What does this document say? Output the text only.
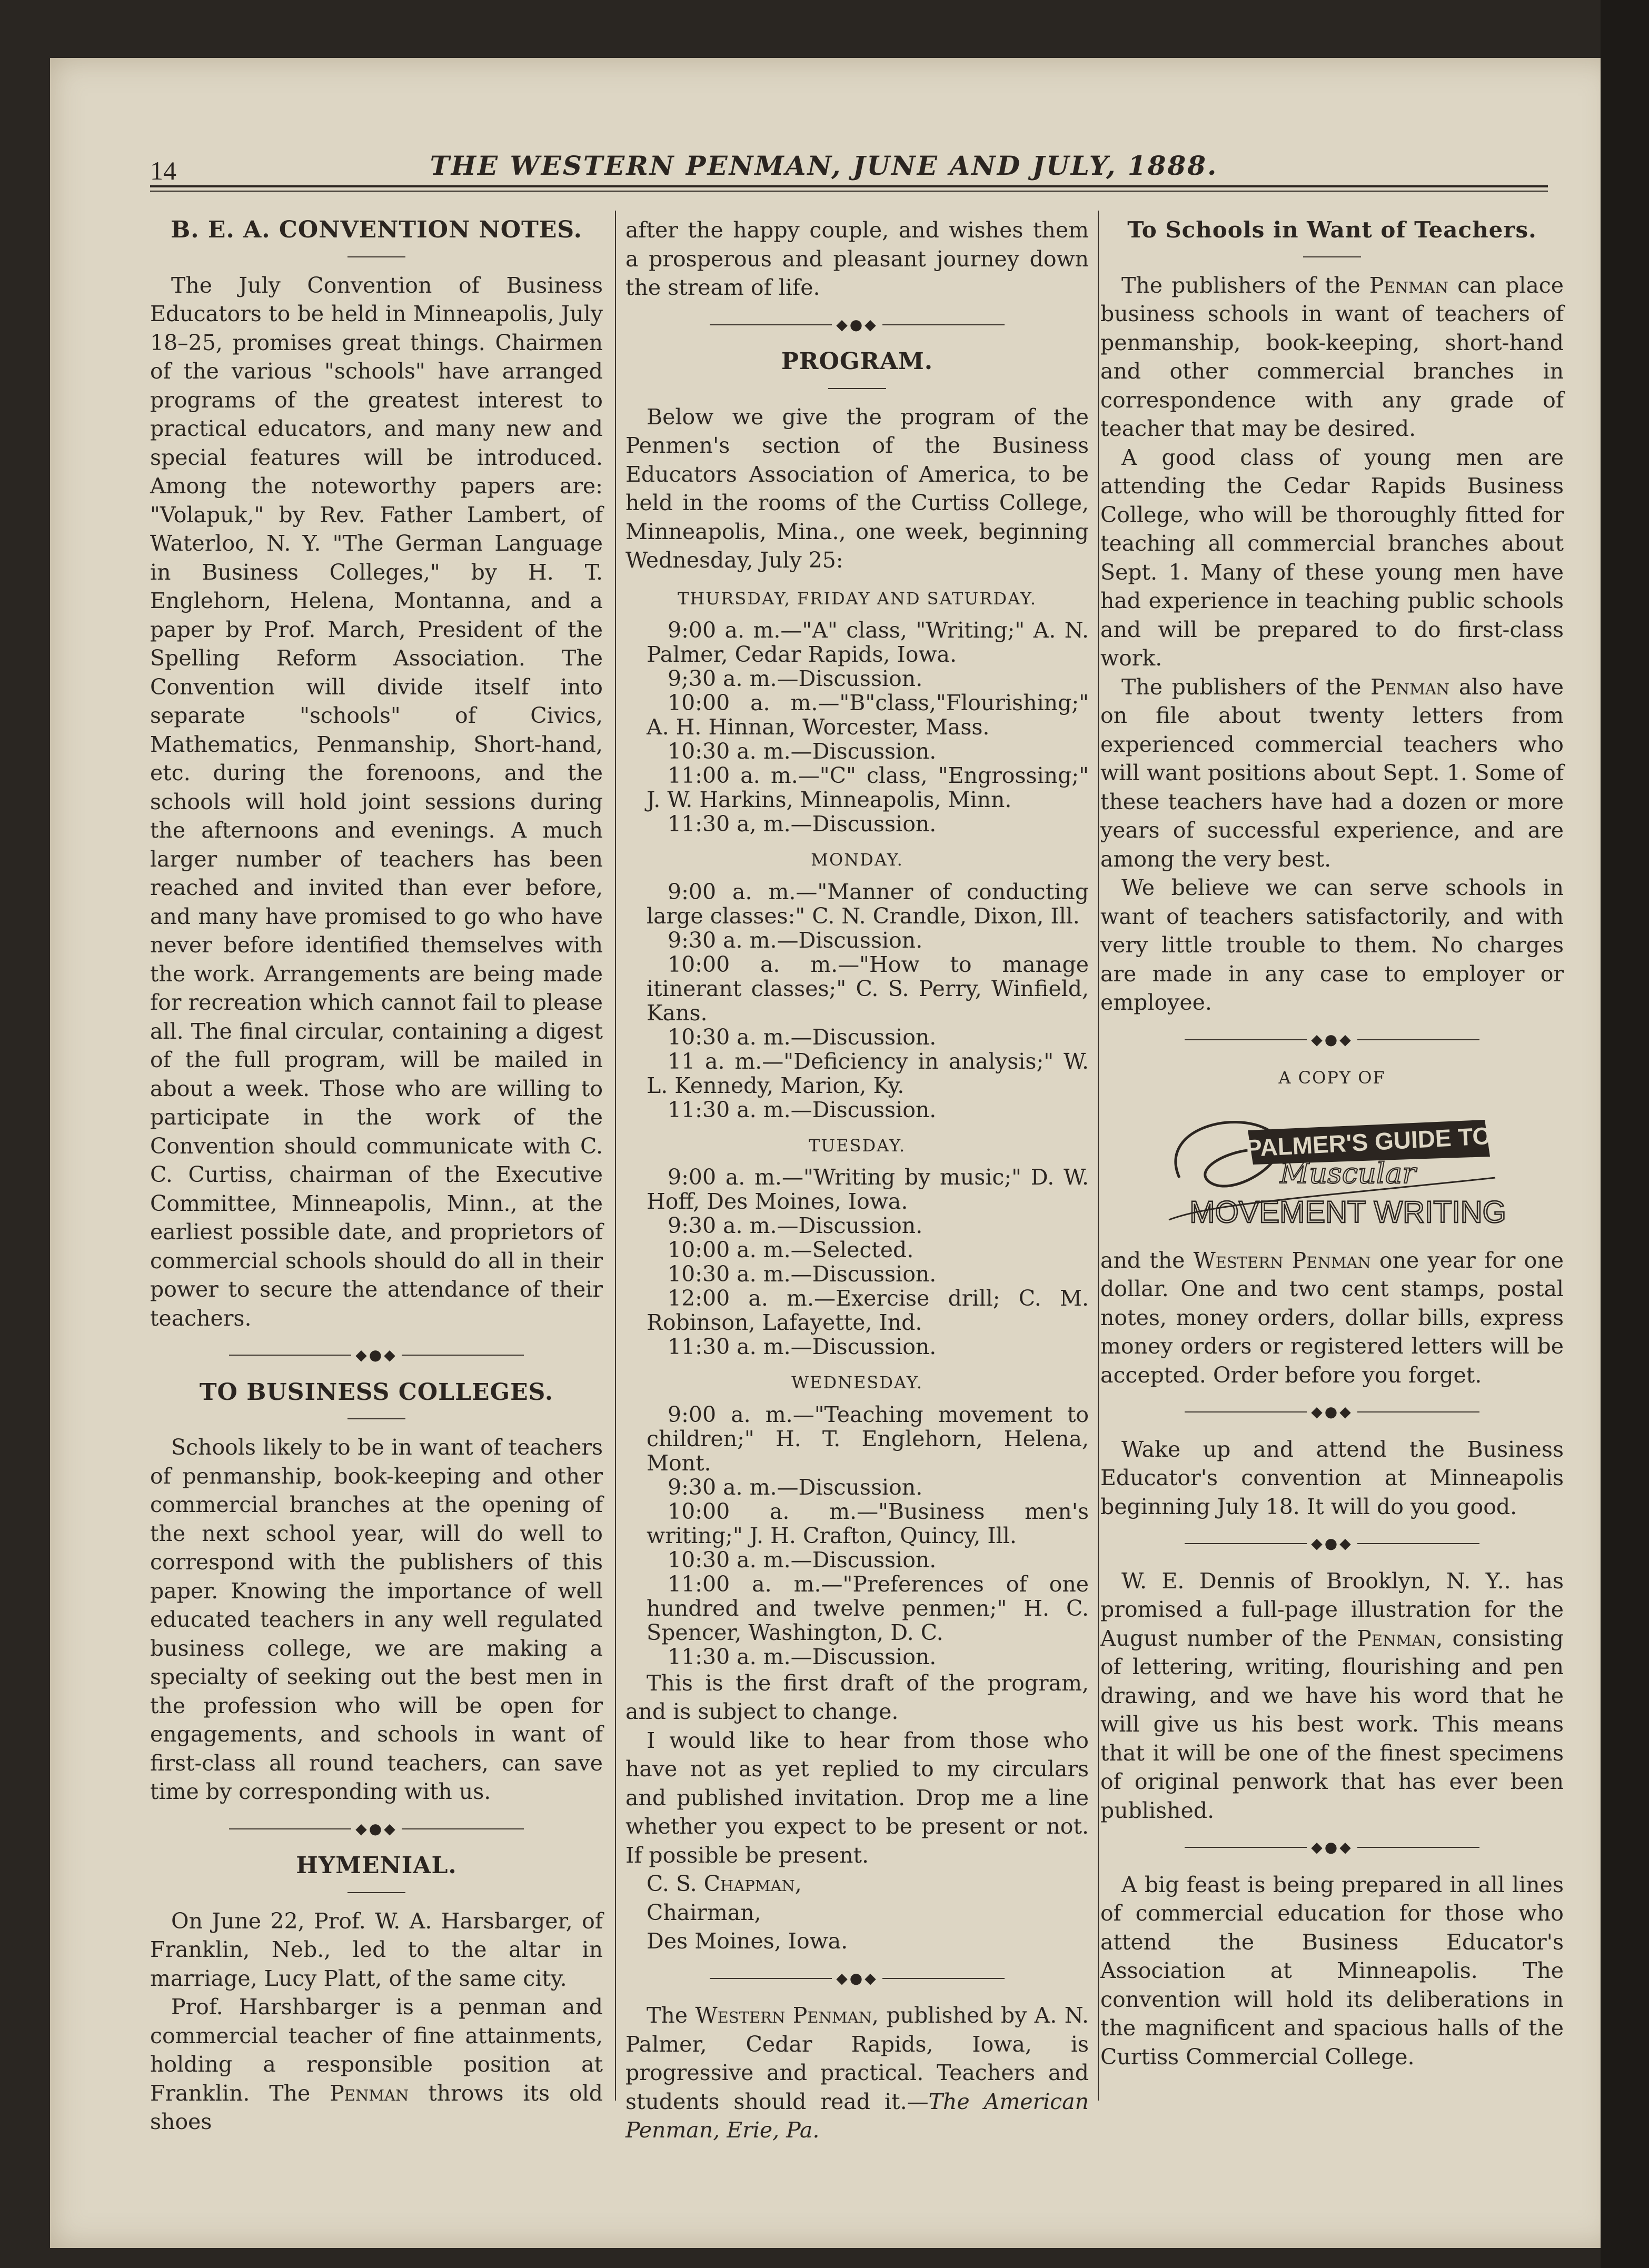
14	THE WESTERN PENMAN, JUNE AND JULY, 1888.
B. E. A. CONVENTION NOTES.

The July Convention of Business Educators to be held in Minneapolis, July 18–25, promises great things. Chairmen of the various "schools" have arranged programs of the greatest interest to practical educators, and many new and special features will be introduced. Among the noteworthy papers are: "Volapuk," by Rev. Father Lambert, of Waterloo, N. Y. "The German Language in Business Colleges," by H. T. Englehorn, Helena, Montanna, and a paper by Prof. March, President of the Spelling Reform Association. The Convention will divide itself into separate "schools" of Civics, Mathematics, Penmanship, Short-hand, etc. during the forenoons, and the schools will hold joint sessions during the afternoons and evenings. A much larger number of teachers has been reached and invited than ever before, and many have promised to go who have never before identified themselves with the work. Arrangements are being made for recreation which cannot fail to please all. The final circular, containing a digest of the full program, will be mailed in about a week. Those who are willing to participate in the work of the Convention should communicate with C. C. Curtiss, chairman of the Executive Committee, Minneapolis, Minn., at the earliest possible date, and proprietors of commercial schools should do all in their power to secure the attendance of their teachers.

◆●◆
TO BUSINESS COLLEGES.

Schools likely to be in want of teachers of penmanship, book-keeping and other commercial branches at the opening of the next school year, will do well to correspond with the publishers of this paper. Knowing the importance of well educated teachers in any well regulated business college, we are making a specialty of seeking out the best men in the profession who will be open for engagements, and schools in want of first-class all round teachers, can save time by corresponding with us.

◆●◆
HYMENIAL.

On June 22, Prof. W. A. Harsbarger, of Franklin, Neb., led to the altar in marriage, Lucy Platt, of the same city.

Prof. Harshbarger is a penman and commercial teacher of fine attainments, holding a responsible position at Franklin. The Penman throws its old shoes

after the happy couple, and wishes them a prosperous and pleasant journey down the stream of life.

◆●◆
PROGRAM.

Below we give the program of the Penmen's section of the Business Educators Association of America, to be held in the rooms of the Curtiss College, Minneapolis, Mina., one week, beginning Wednesday, July 25:

THURSDAY, FRIDAY AND SATURDAY.

9:00 a. m.—"A" class, "Writing;" A. N. Palmer, Cedar Rapids, Iowa.

9;30 a. m.—Discussion.

10:00 a. m.—"B"class,"Flourishing;" A. H. Hinnan, Worcester, Mass.

10:30 a. m.—Discussion.

11:00 a. m.—"C" class, "Engrossing;" J. W. Harkins, Minneapolis, Minn.

11:30 a, m.—Discussion.

MONDAY.

9:00 a. m.—"Manner of conducting large classes:" C. N. Crandle, Dixon, Ill.

9:30 a. m.—Discussion.

10:00 a. m.—"How to manage itinerant classes;" C. S. Perry, Winfield, Kans.

10:30 a. m.—Discussion.

11 a. m.—"Deficiency in analysis;" W. L. Kennedy, Marion, Ky.

11:30 a. m.—Discussion.

TUESDAY.

9:00 a. m.—"Writing by music;" D. W. Hoff, Des Moines, Iowa.

9:30 a. m.—Discussion.

10:00 a. m.—Selected.

10:30 a. m.—Discussion.

12:00 a. m.—Exercise drill; C. M. Robinson, Lafayette, Ind.

11:30 a. m.—Discussion.

WEDNESDAY.

9:00 a. m.—"Teaching movement to children;" H. T. Englehorn, Helena, Mont.

9:30 a. m.—Discussion.

10:00 a. m.—"Business men's writing;" J. H. Crafton, Quincy, Ill.

10:30 a. m.—Discussion.

11:00 a. m.—"Preferences of one hundred and twelve penmen;" H. C. Spencer, Washington, D. C.

11:30 a. m.—Discussion.

This is the first draft of the program, and is subject to change.

I would like to hear from those who have not as yet replied to my circulars and published invitation. Drop me a line whether you expect to be present or not. If possible be present.

C. S. Chapman,

Chairman,

Des Moines, Iowa.

◆●◆

The Western Penman, published by A. N. Palmer, Cedar Rapids, Iowa, is progressive and practical. Teachers and students should read it.—The American Penman, Erie, Pa.

To Schools in Want of Teachers.

The publishers of the Penman can place business schools in want of teachers of penmanship, book-keeping, short-hand and other commercial branches in correspondence with any grade of teacher that may be desired.

A good class of young men are attending the Cedar Rapids Business College, who will be thoroughly fitted for teaching all commercial branches about Sept. 1. Many of these young men have had experience in teaching public schools and will be prepared to do first-class work.

The publishers of the Penman also have on file about twenty letters from experienced commercial teachers who will want positions about Sept. 1. Some of these teachers have had a dozen or more years of successful experience, and are among the very best.

We believe we can serve schools in want of teachers satisfactorily, and with very little trouble to them. No charges are made in any case to employer or employee.

◆●◆
A COPY OF
PALMER'S GUIDE TO
Muscular
MOVEMENT WRITING

and the Western Penman one year for one dollar. One and two cent stamps, postal notes, money orders, dollar bills, express money orders or registered letters will be accepted. Order before you forget.

◆●◆

Wake up and attend the Business Educator's convention at Minneapolis beginning July 18. It will do you good.

◆●◆

W. E. Dennis of Brooklyn, N. Y.. has promised a full-page illustration for the August number of the Penman, consisting of lettering, writing, flourishing and pen drawing, and we have his word that he will give us his best work. This means that it will be one of the finest specimens of original penwork that has ever been published.

◆●◆

A big feast is being prepared in all lines of commercial education for those who attend the Business Educator's Association at Minneapolis. The convention will hold its deliberations in the magnificent and spacious halls of the Curtiss Commercial College.
